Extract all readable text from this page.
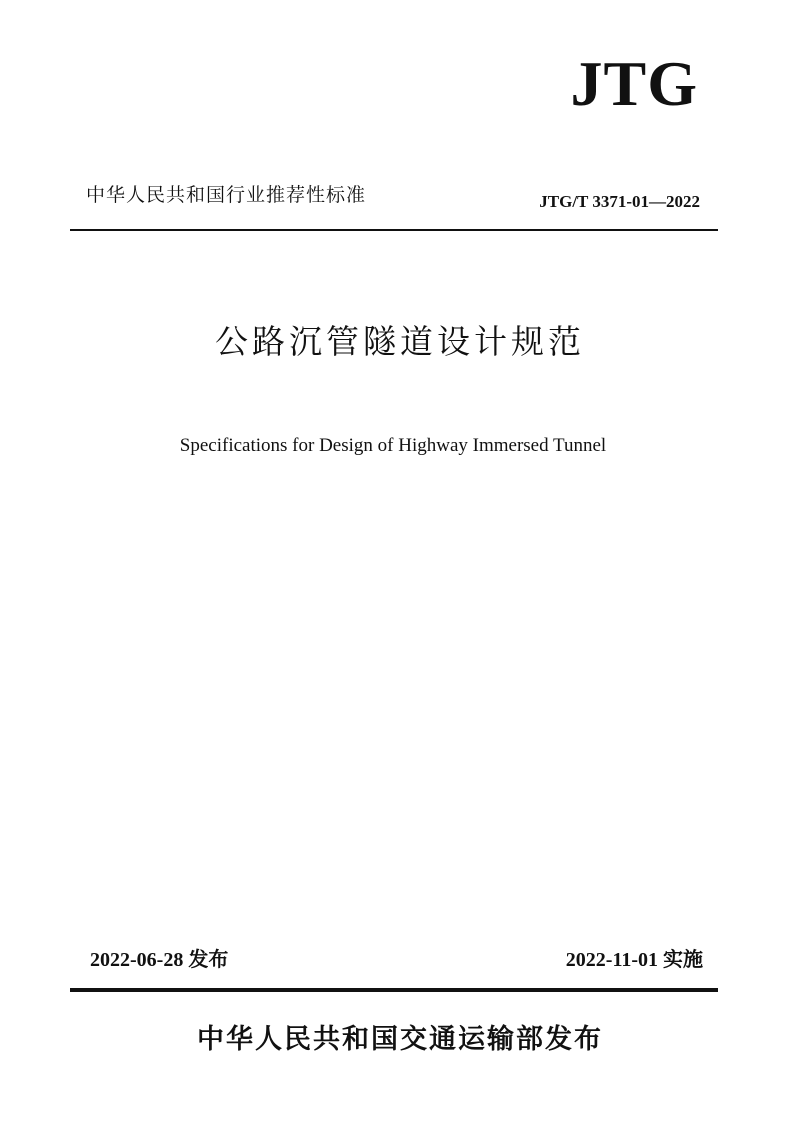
JTG
中华人民共和国行业推荐性标准	JTG/T 3371-01—2022
公路沉管隧道设计规范
Specifications for Design of Highway Immersed Tunnel
2022-06-28 发布	2022-11-01 实施
中华人民共和国交通运输部发布
